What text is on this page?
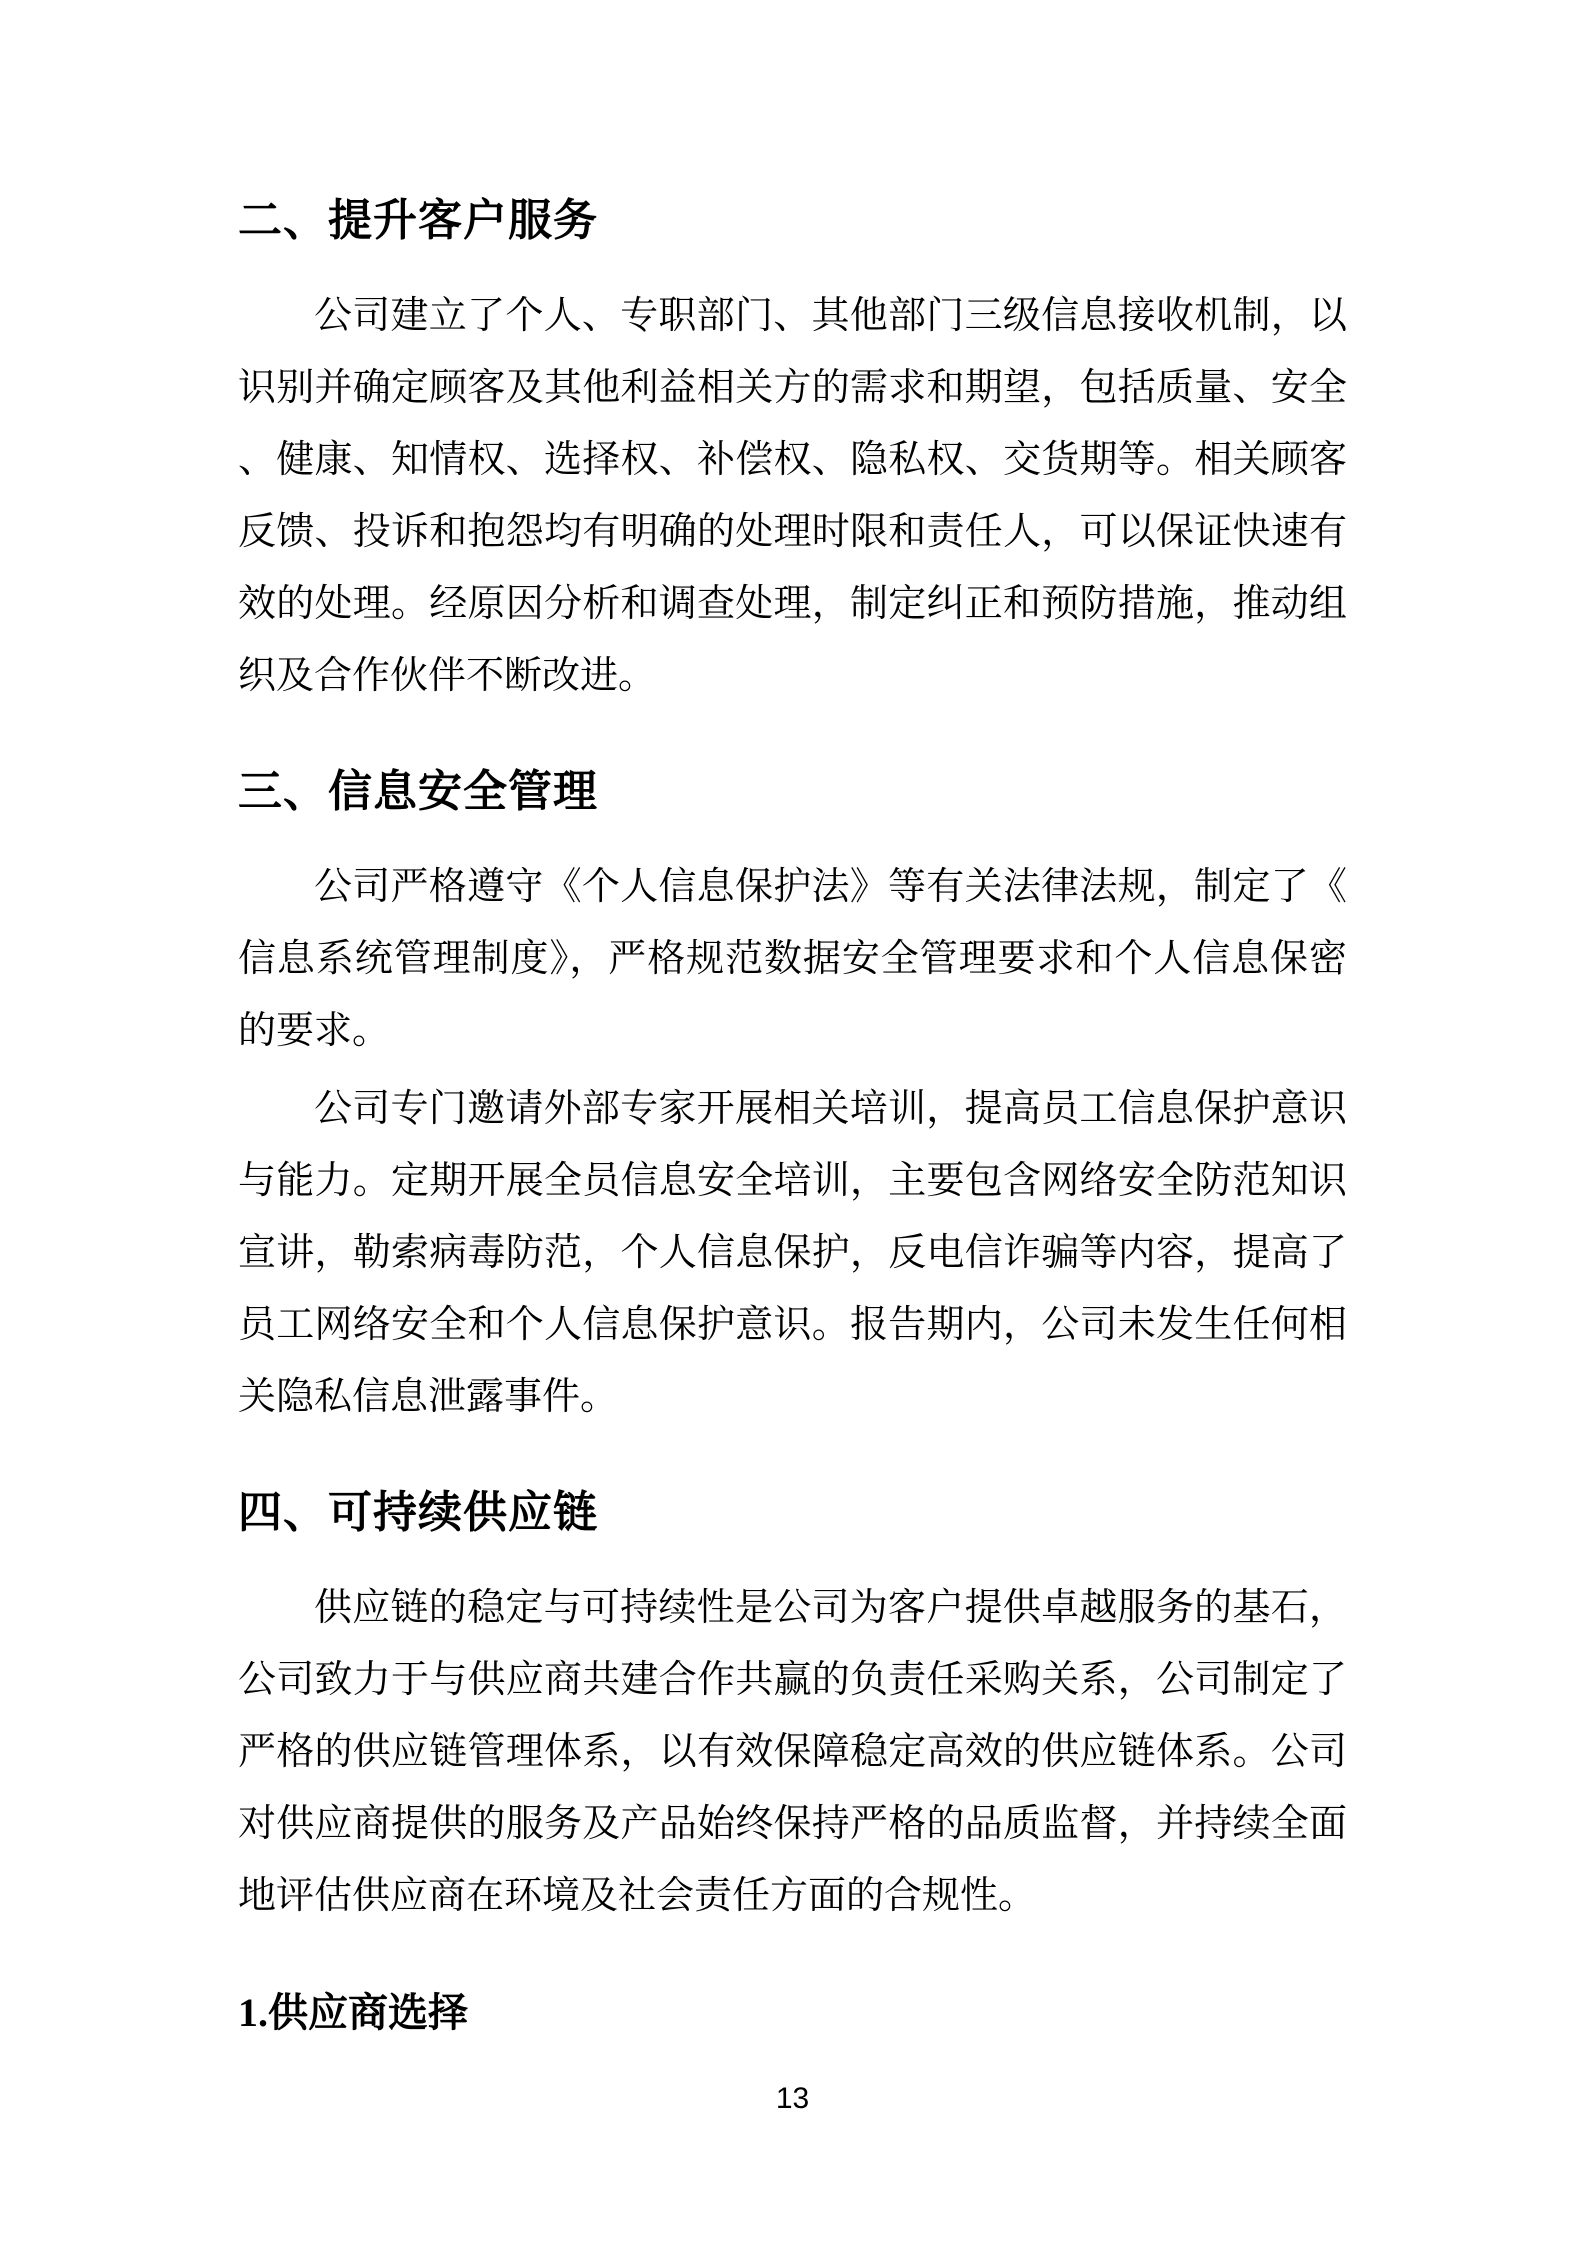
二、提升客户服务
公司建立了个人、专职部门、其他部门三级信息接收机制，以
识别并确定顾客及其他利益相关方的需求和期望，包括质量、安全
、健康、知情权、选择权、补偿权、隐私权、交货期等。相关顾客
反馈、投诉和抱怨均有明确的处理时限和责任人，可以保证快速有
效的处理。经原因分析和调查处理，制定纠正和预防措施，推动组
织及合作伙伴不断改进。
三、信息安全管理
公司严格遵守《个人信息保护法》等有关法律法规，制定了《
信息系统管理制度》，严格规范数据安全管理要求和个人信息保密
的要求。
公司专门邀请外部专家开展相关培训，提高员工信息保护意识
与能力。定期开展全员信息安全培训，主要包含网络安全防范知识
宣讲，勒索病毒防范，个人信息保护，反电信诈骗等内容，提高了
员工网络安全和个人信息保护意识。报告期内，公司未发生任何相
关隐私信息泄露事件。
四、可持续供应链
供应链的稳定与可持续性是公司为客户提供卓越服务的基石，
公司致力于与供应商共建合作共赢的负责任采购关系，公司制定了
严格的供应链管理体系，以有效保障稳定高效的供应链体系。公司
对供应商提供的服务及产品始终保持严格的品质监督，并持续全面
地评估供应商在环境及社会责任方面的合规性。
1.供应商选择
13
